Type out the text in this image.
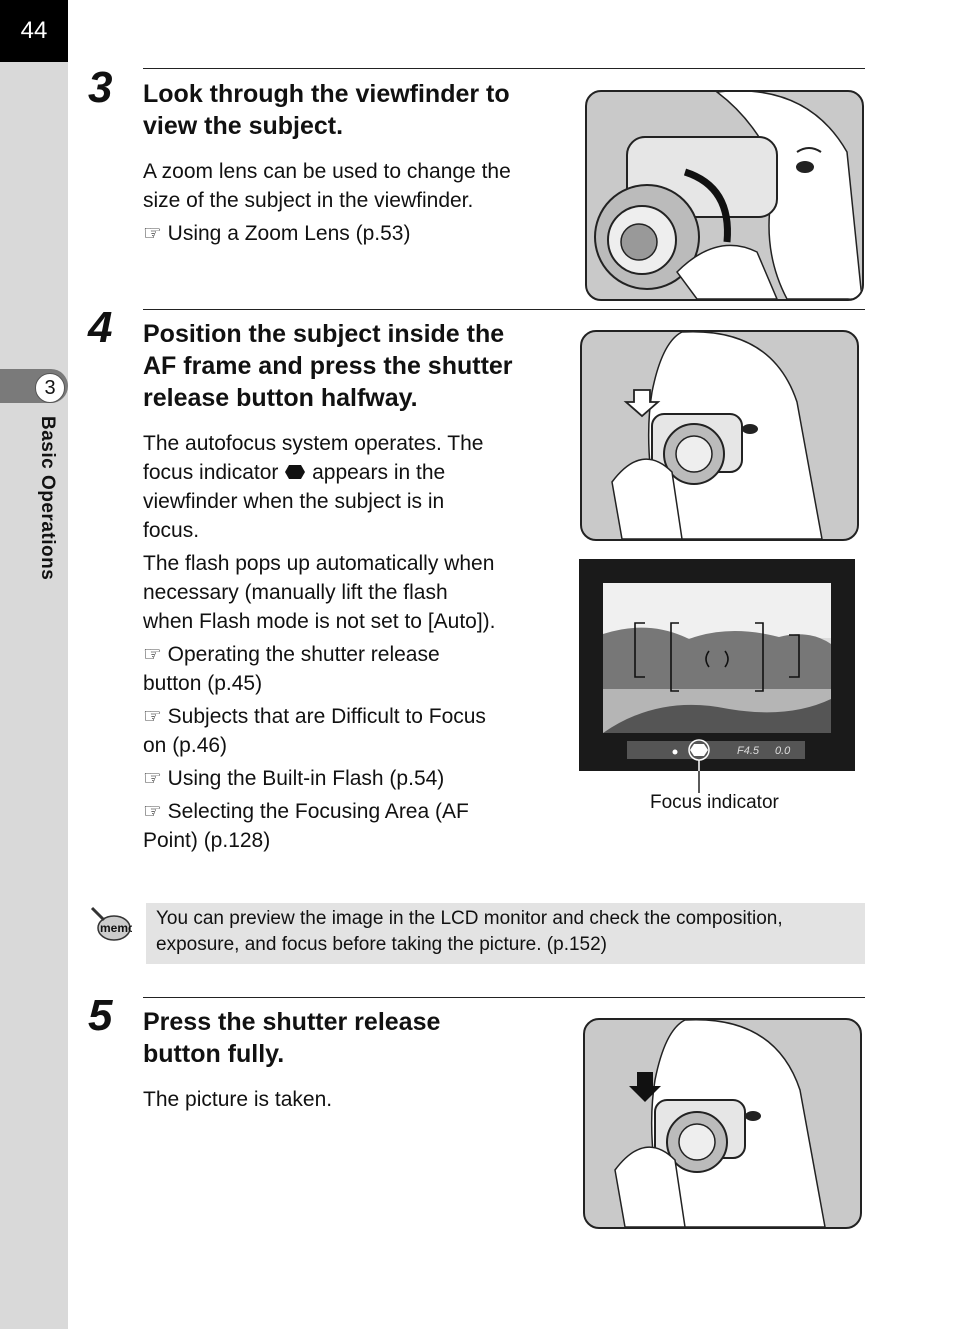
44
3
Basic Operations
3 Look through the viewfinder to
view the subject.

A zoom lens can be used to change the
size of the subject in the viewfinder.

☞ Using a Zoom Lens (p.53)
4 Position the subject inside the
AF frame and press the shutter
release button halfway.

The autofocus system operates. The
focus indicator appears in the
viewfinder when the subject is in
focus.

The flash pops up automatically when
necessary (manually lift the flash
when Flash mode is not set to [Auto]).

☞ Operating the shutter release
button (p.45)
☞ Subjects that are Difficult to Focus
on (p.46)
☞ Using the Built-in Flash (p.54)
☞ Selecting the Focusing Area (AF
Point) (p.128)
F4.5 0.0
Focus indicator
memo You can preview the image in the LCD monitor and check the composition,
exposure, and focus before taking the picture. (p.152)
5 Press the shutter release
button fully.

The picture is taken.
